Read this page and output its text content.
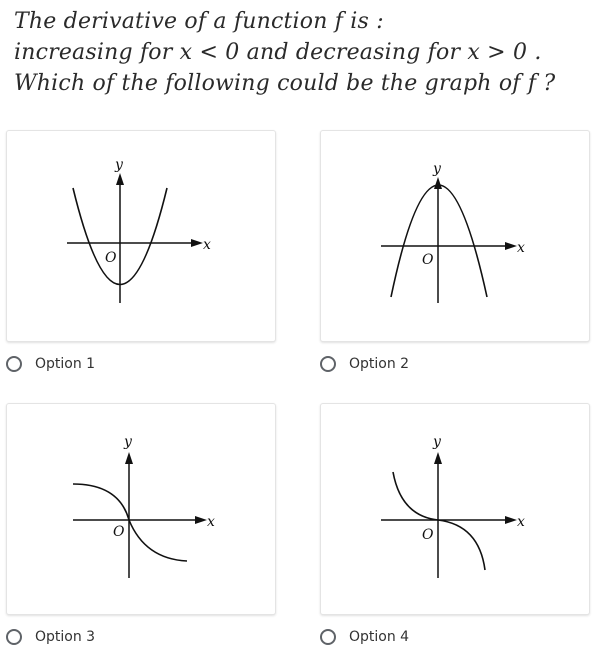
The derivative of a function f is :
increasing for x < 0 and decreasing for x > 0 .
Which of the following could be the graph of f ?
x
y
O
Option 1
x
y
O
Option 2
x
y
O
Option 3
x
y
O
Option 4
